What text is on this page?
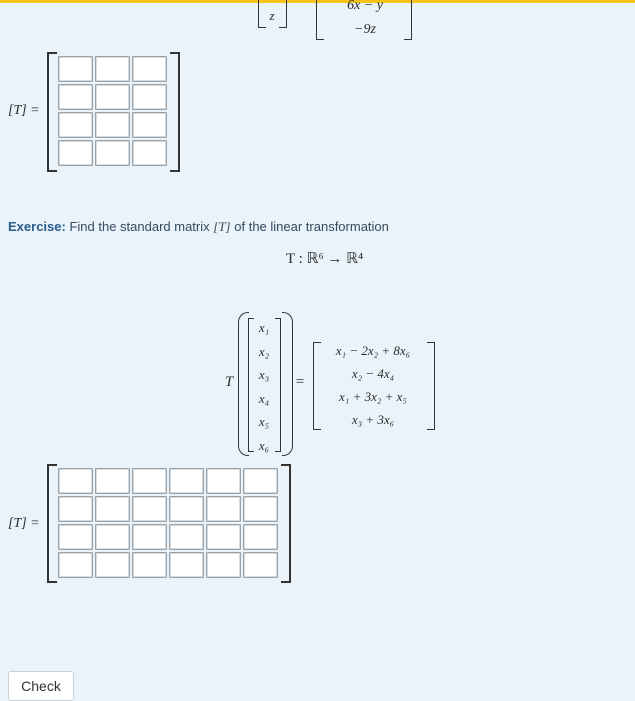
z
6x − y
−9z
[T] =
Exercise: Find the standard matrix [T] of the linear transformation
T : ℝ⁶ → ℝ⁴
T
x₁
x₂
x₃
x₄
x₅
x₆
=
x₁ − 2x₂ + 8x₆
x₂ − 4x₄
x₁ + 3x₂ + x₅
x₃ + 3x₆
[T] =
Check
